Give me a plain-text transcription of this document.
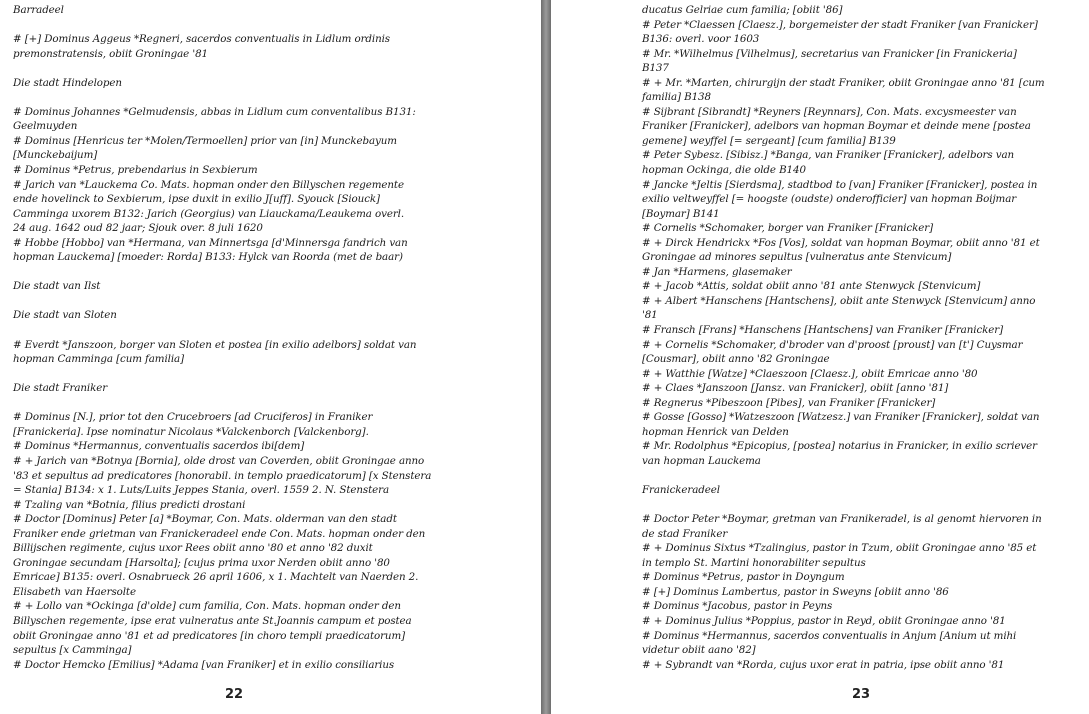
Barradeel
# [+] Dominus Aggeus *Regneri, sacerdos conventualis in Lidlum ordinis
premonstratensis, obiit Groningae '81
Die stadt Hindelopen
# Dominus Johannes *Gelmudensis, abbas in Lidlum cum conventalibus B131:
Geelmuyden
# Dominus [Henricus ter *Molen/Termoellen] prior van [in] Munckebayum
[Munckebaijum]
# Dominus *Petrus, prebendarius in Sexbierum
# Jarich van *Lauckema Co. Mats. hopman onder den Billyschen regemente
ende hovelinck to Sexbierum, ipse duxit in exilio J[uff]. Syouck [Siouck]
Camminga uxorem B132: Jarich (Georgius) van Liauckama/Leaukema overl.
24 aug. 1642 oud 82 jaar; Sjouk over. 8 juli 1620
# Hobbe [Hobbo] van *Hermana, van Minnertsga [d'Minnersga fandrich van
hopman Lauckema] [moeder: Rorda] B133: Hylck van Roorda (met de baar)
Die stadt van Ilst
Die stadt van Sloten
# Everdt *Janszoon, borger van Sloten et postea [in exilio adelbors] soldat van
hopman Camminga [cum familia]
Die stadt Franiker
# Dominus [N.], prior tot den Crucebroers [ad Cruciferos] in Franiker
[Franickeria]. Ipse nominatur Nicolaus *Valckenborch [Valckenborg].
# Dominus *Hermannus, conventualis sacerdos ibi[dem]
# + Jarich van *Botnya [Bornia], olde drost van Coverden, obiit Groningae anno
'83 et sepultus ad predicatores [honorabil. in templo praedicatorum] [x Stenstera
= Stania] B134: x 1. Luts/Luits Jeppes Stania, overl. 1559 2. N. Stenstera
# Tzaling van *Botnia, filius predicti drostani
# Doctor [Dominus] Peter [a] *Boymar, Con. Mats. olderman van den stadt
Franiker ende grietman van Franickeradeel ende Con. Mats. hopman onder den
Billijschen regimente, cujus uxor Rees obiit anno '80 et anno '82 duxit
Groningae secundam [Harsolta]; [cujus prima uxor Nerden obiit anno '80
Emricae] B135: overl. Osnabrueck 26 april 1606, x 1. Machtelt van Naerden 2.
Elisabeth van Haersolte
# + Lollo van *Ockinga [d'olde] cum familia, Con. Mats. hopman onder den
Billyschen regemente, ipse erat vulneratus ante St.Joannis campum et postea
obiit Groningae anno '81 et ad predicatores [in choro templi praedicatorum]
sepultus [x Camminga]
# Doctor Hemcko [Emilius] *Adama [van Franiker] et in exilio consiliarius
22
ducatus Gelriae cum familia; [obiit '86]
# Peter *Claessen [Claesz.], borgemeister der stadt Franiker [van Franicker]
B136: overl. voor 1603
# Mr. *Wilhelmus [Vilhelmus], secretarius van Franicker [in Franickeria]
B137
# + Mr. *Marten, chirurgijn der stadt Franiker, obiit Groningae anno '81 [cum
familia] B138
# Sijbrant [Sibrandt] *Reyners [Reynnars], Con. Mats. excysmeester van
Franiker [Franicker], adelbors van hopman Boymar et deinde mene [postea
gemene] weyffel [= sergeant] [cum familia] B139
# Peter Sybesz. [Sibisz.] *Banga, van Franiker [Franicker], adelbors van
hopman Ockinga, die olde B140
# Jancke *Jeltis [Sierdsma], stadtbod to [van] Franiker [Franicker], postea in
exilio veltweyffel [= hoogste (oudste) onderofficier] van hopman Boijmar
[Boymar] B141
# Cornelis *Schomaker, borger van Franiker [Franicker]
# + Dirck Hendrickx *Fos [Vos], soldat van hopman Boymar, obiit anno '81 et
Groningae ad minores sepultus [vulneratus ante Stenvicum]
# Jan *Harmens, glasemaker
# + Jacob *Attis, soldat obiit anno '81 ante Stenwyck [Stenvicum]
# + Albert *Hanschens [Hantschens], obiit ante Stenwyck [Stenvicum] anno
'81
# Fransch [Frans] *Hanschens [Hantschens] van Franiker [Franicker]
# + Cornelis *Schomaker, d'broder van d'proost [proust] van [t'] Cuysmar
[Cousmar], obiit anno '82 Groningae
# + Watthie [Watze] *Claeszoon [Claesz.], obiit Emricae anno '80
# + Claes *Janszoon [Jansz. van Franicker], obiit [anno '81]
# Regnerus *Pibeszoon [Pibes], van Franiker [Franicker]
# Gosse [Gosso] *Watzeszoon [Watzesz.] van Franiker [Franicker], soldat van
hopman Henrick van Delden
# Mr. Rodolphus *Epicopius, [postea] notarius in Franicker, in exilio scriever
van hopman Lauckema
Franickeradeel
# Doctor Peter *Boymar, gretman van Franikeradel, is al genomt hiervoren in
de stad Franiker
# + Dominus Sixtus *Tzalingius, pastor in Tzum, obiit Groningae anno '85 et
in templo St. Martini honorabiliter sepultus
# Dominus *Petrus, pastor in Doyngum
# [+] Dominus Lambertus, pastor in Sweyns [obiit anno '86
# Dominus *Jacobus, pastor in Peyns
# + Dominus Julius *Poppius, pastor in Reyd, obiit Groningae anno '81
# Dominus *Hermannus, sacerdos conventualis in Anjum [Anium ut mihi
videtur obiit aano '82]
# + Sybrandt van *Rorda, cujus uxor erat in patria, ipse obiit anno '81
23
